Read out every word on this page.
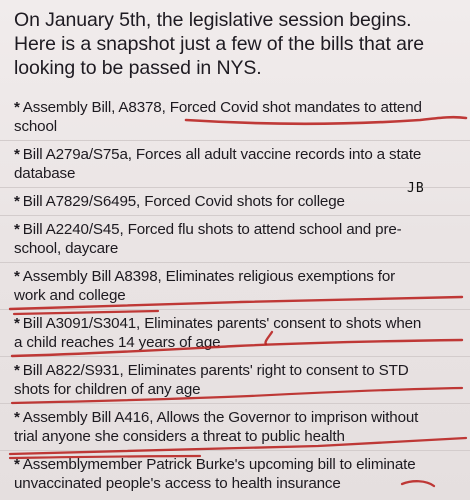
On January 5th, the legislative session begins.
Here is a snapshot just a few of the bills that are
looking to be passed in NYS.
* Assembly Bill, A8378, Forced Covid shot mandates to attend
school
* Bill A279a/S75a, Forces all adult vaccine records into a state
database
* Bill A7829/S6495, Forced Covid shots for college
* Bill A2240/S45, Forced flu shots to attend school and pre-
school, daycare
* Assembly Bill A8398, Eliminates religious exemptions for
work and college
* Bill A3091/S3041, Eliminates parents' consent to shots when
a child reaches 14 years of age
* Bill A822/S931, Eliminates parents' right to consent to STD
shots for children of any age
* Assembly Bill A416, Allows the Governor to imprison without
trial anyone she considers a threat to public health
* Assemblymember Patrick Burke's upcoming bill to eliminate
unvaccinated people's access to health insurance
JB
